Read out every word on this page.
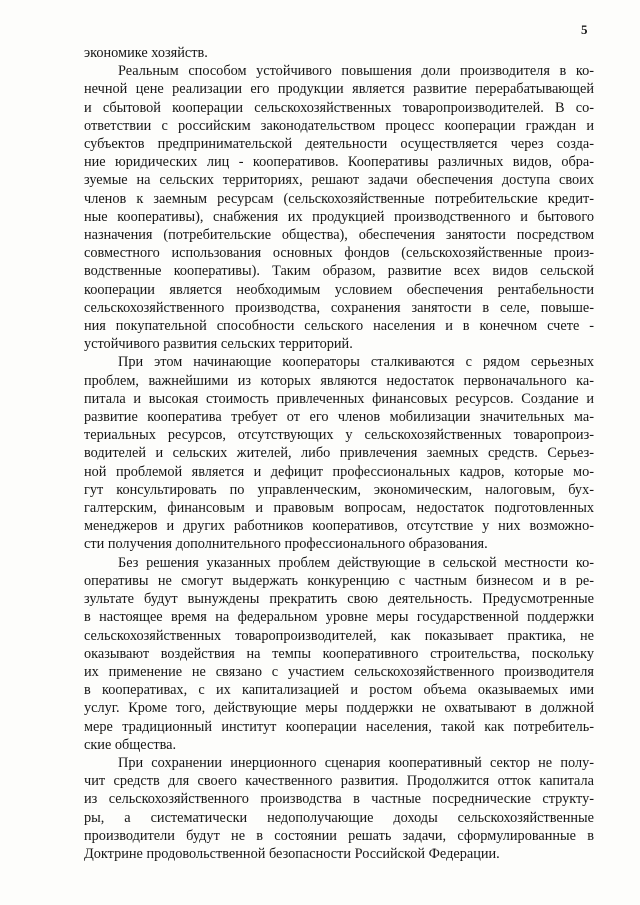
5
экономике хозяйств.
Реальным способом устойчивого повышения доли производителя в ко-
нечной цене реализации его продукции является развитие перерабатывающей
и сбытовой кооперации сельскохозяйственных товаропроизводителей. В со-
ответствии с российским законодательством процесс кооперации граждан и
субъектов предпринимательской деятельности осуществляется через созда-
ние юридических лиц - кооперативов. Кооперативы различных видов, обра-
зуемые на сельских территориях, решают задачи обеспечения доступа своих
членов к заемным ресурсам (сельскохозяйственные потребительские кредит-
ные кооперативы), снабжения их продукцией производственного и бытового
назначения (потребительские общества), обеспечения занятости посредством
совместного использования основных фондов (сельскохозяйственные произ-
водственные кооперативы). Таким образом, развитие всех видов сельской
кооперации является необходимым условием обеспечения рентабельности
сельскохозяйственного производства, сохранения занятости в селе, повыше-
ния покупательной способности сельского населения и в конечном счете -
устойчивого развития сельских территорий.
При этом начинающие кооператоры сталкиваются с рядом серьезных
проблем, важнейшими из которых являются недостаток первоначального ка-
питала и высокая стоимость привлеченных финансовых ресурсов. Создание и
развитие кооператива требует от его членов мобилизации значительных ма-
териальных ресурсов, отсутствующих у сельскохозяйственных товаропроиз-
водителей и сельских жителей, либо привлечения заемных средств. Серьез-
ной проблемой является и дефицит профессиональных кадров, которые мо-
гут консультировать по управленческим, экономическим, налоговым, бух-
галтерским, финансовым и правовым вопросам, недостаток подготовленных
менеджеров и других работников кооперативов, отсутствие у них возможно-
сти получения дополнительного профессионального образования.
Без решения указанных проблем действующие в сельской местности ко-
оперативы не смогут выдержать конкуренцию с частным бизнесом и в ре-
зультате будут вынуждены прекратить свою деятельность. Предусмотренные
в настоящее время на федеральном уровне меры государственной поддержки
сельскохозяйственных товаропроизводителей, как показывает практика, не
оказывают воздействия на темпы кооперативного строительства, поскольку
их применение не связано с участием сельскохозяйственного производителя
в кооперативах, с их капитализацией и ростом объема оказываемых ими
услуг. Кроме того, действующие меры поддержки не охватывают в должной
мере традиционный институт кооперации населения, такой как потребитель-
ские общества.
При сохранении инерционного сценария кооперативный сектор не полу-
чит средств для своего качественного развития. Продолжится отток капитала
из сельскохозяйственного производства в частные посреднические структу-
ры, а систематически недополучающие доходы сельскохозяйственные
производители будут не в состоянии решать задачи, сформулированные в
Доктрине продовольственной безопасности Российской Федерации.
